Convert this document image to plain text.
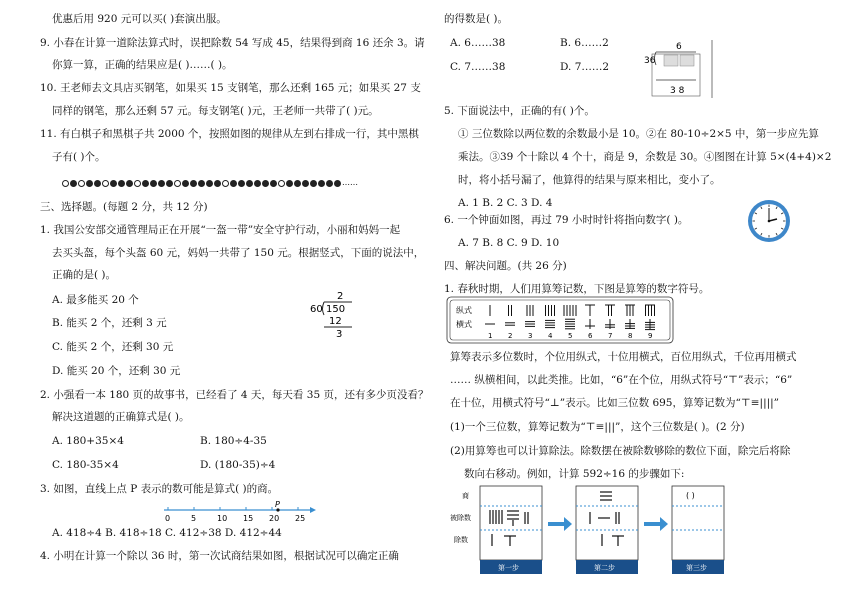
优惠后用 920 元可以买( )套演出服。
9. 小春在计算一道除法算式时，误把除数 54 写成 45，结果得到商 16 还余 3。请
你算一算，正确的结果应是( )……( )。
10. 王老师去文具店买钢笔，如果买 15 支钢笔，那么还剩 165 元；如果买 27 支
同样的钢笔，那么还剩 57 元。每支钢笔( )元，王老师一共带了( )元。
11. 有白棋子和黑棋子共 2000 个，按照如图的规律从左到右排成一行，其中黑棋
子有( )个。
……
三、选择题。(每题 2 分，共 12 分)
1. 我国公安部交通管理局正在开展“一盔一带”安全守护行动，小丽和妈妈一起
去买头盔，每个头盔 60 元，妈妈一共带了 150 元。根据竖式，下面的说法中，
正确的是( )。
A. 最多能买 20 个
B. 能买 2 个，还剩 3 元
C. 能买 2 个，还剩 30 元
D. 能买 20 个，还剩 30 元
2
60 150
12
3
2. 小强看一本 180 页的故事书，已经看了 4 天，每天看 35 页，还有多少页没看？
解决这道题的正确算式是( )。
A. 180+35×4	B. 180÷4-35
C. 180-35×4	D. (180-35)÷4
3. 如图，直线上点 P 表示的数可能是算式( )的商。
0	5	10 15 20 25
P
A. 418÷4 B. 418÷18 C. 412÷38 D. 412÷44
4. 小明在计算一个除以 36 时，第一次试商结果如图，根据试况可以确定正确
的得数是( )。
A. 6……38	B. 6……2
C. 7……38	D. 7……2
6
36
3 8
5. 下面说法中，正确的有( )个。
① 三位数除以两位数的余数最小是 10。②在 80-10÷2×5 中，第一步应先算
乘法。③39 个十除以 4 个十，商是 9，余数是 30。④图图在计算 5×(4+4)×2
时，将小括号漏了，他算得的结果与原来相比，变小了。
A. 1 B. 2 C. 3 D. 4
6. 一个钟面如图，再过 79 小时时针将指向数字( )。
A. 7 B. 8 C. 9 D. 10
四、解决问题。(共 26 分)
1. 春秋时期，人们用算筹记数，下图是算筹的数字符号。
纵式
横式
1 2 3 4 5 6 7 8 9
算筹表示多位数时，个位用纵式，十位用横式，百位用纵式，千位再用横式
…… 纵横相间，以此类推。比如，“6”在个位，用纵式符号“⊤”表示；“6”
在十位，用横式符号“⊥”表示。比如三位数 695，算筹记数为“⊤≡||||”
(1)一个三位数，算筹记数为“⊤≡|||”，这个三位数是( )。(2 分)
(2)用算筹也可以计算除法。除数摆在被除数够除的数位下面，除完后将除
数向右移动。例如，计算 592÷16 的步骤如下:
商
被除数
除数
第一步	第二步
( )
第三步
